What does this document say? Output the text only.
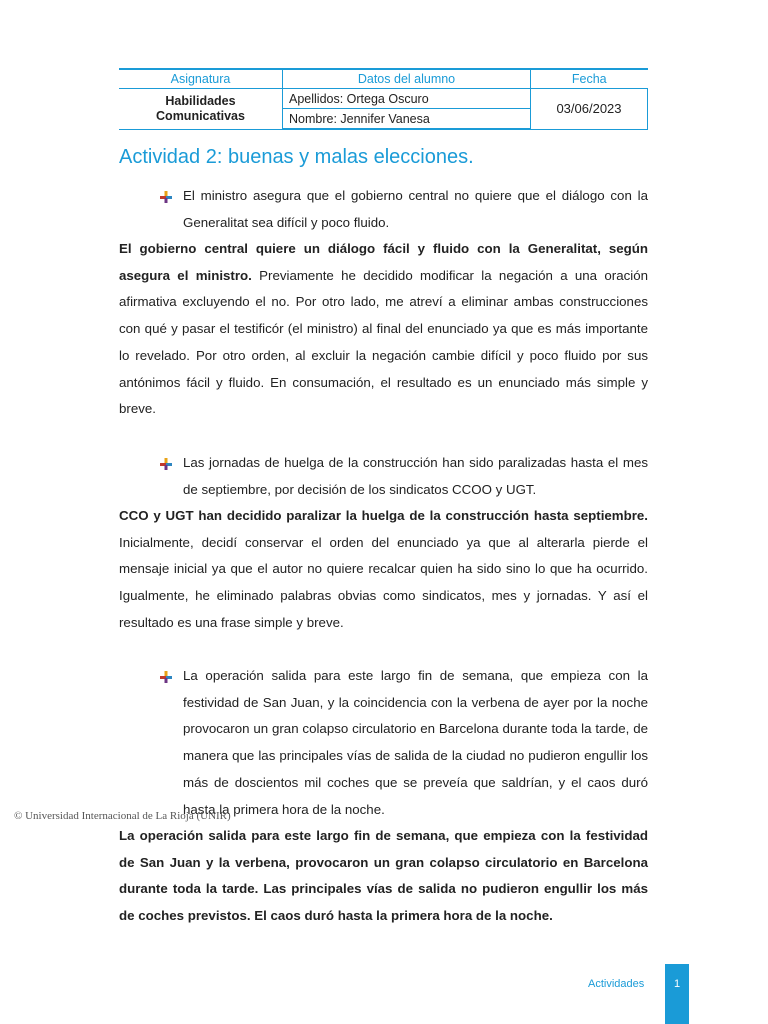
Asignatura	Datos del alumno	Fecha

Habilidades
Comunicativas	Apellidos: Ortega Oscuro	03/06/2023
	Nombre: Jennifer Vanesa	
Actividad 2: buenas y malas elecciones.

El ministro asegura que el gobierno central no quiere que el diálogo con la Generalitat sea difícil y poco fluido.

El gobierno central quiere un diálogo fácil y fluido con la Generalitat, según asegura el ministro. Previamente he decidido modificar la negación a una oración afirmativa excluyendo el no. Por otro lado, me atreví a eliminar ambas construcciones con qué y pasar el testificór (el ministro) al final del enunciado ya que es más importante lo revelado. Por otro orden, al excluir la negación cambie difícil y poco fluido por sus antónimos fácil y fluido. En consumación, el resultado es un enunciado más simple y breve.

Las jornadas de huelga de la construcción han sido paralizadas hasta el mes de septiembre, por decisión de los sindicatos CCOO y UGT.

CCO y UGT han decidido paralizar la huelga de la construcción hasta septiembre. Inicialmente, decidí conservar el orden del enunciado ya que al alterarla pierde el mensaje inicial ya que el autor no quiere recalcar quien ha sido sino lo que ha ocurrido. Igualmente, he eliminado palabras obvias como sindicatos, mes y jornadas. Y así el resultado es una frase simple y breve.

La operación salida para este largo fin de semana, que empieza con la festividad de San Juan, y la coincidencia con la verbena de ayer por la noche provocaron un gran colapso circulatorio en Barcelona durante toda la tarde, de manera que las principales vías de salida de la ciudad no pudieron engullir los más de doscientos mil coches que se preveía que saldrían, y el caos duró hasta la primera hora de la noche.

La operación salida para este largo fin de semana, que empieza con la festividad de San Juan y la verbena, provocaron un gran colapso circulatorio en Barcelona durante toda la tarde. Las principales vías de salida no pudieron engullir los más de coches previstos. El caos duró hasta la primera hora de la noche.

© Universidad Internacional de La Rioja (UNIR)
Actividades	1
